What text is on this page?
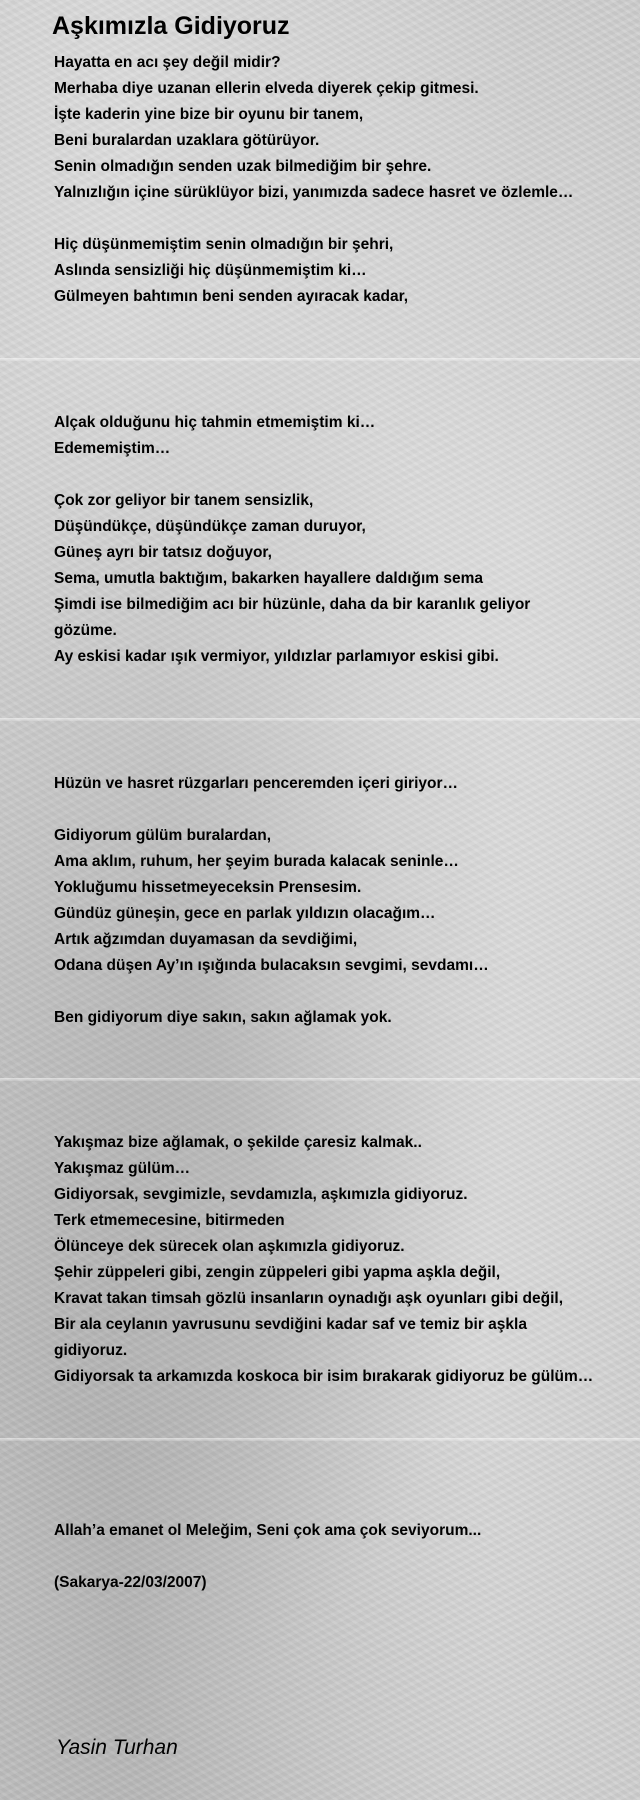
Aşkımızla Gidiyoruz
Hayatta en acı şey değil midir?
Merhaba diye uzanan ellerin elveda diyerek çekip gitmesi.
İşte kaderin yine bize bir oyunu bir tanem,
Beni buralardan uzaklara götürüyor.
Senin olmadığın senden uzak bilmediğim bir şehre.
Yalnızlığın içine sürüklüyor bizi, yanımızda sadece hasret ve özlemle…
Hiç düşünmemiştim senin olmadığın bir şehri,
Aslında sensizliği hiç düşünmemiştim ki…
Gülmeyen bahtımın beni senden ayıracak kadar,
Alçak olduğunu hiç tahmin etmemiştim ki…
Edememiştim…
Çok zor geliyor bir tanem sensizlik,
Düşündükçe, düşündükçe zaman duruyor,
Güneş ayrı bir tatsız doğuyor,
Sema, umutla baktığım, bakarken hayallere daldığım sema
Şimdi ise bilmediğim acı bir hüzünle, daha da bir karanlık geliyor
gözüme.
Ay eskisi kadar ışık vermiyor, yıldızlar parlamıyor eskisi gibi.
Hüzün ve hasret rüzgarları penceremden içeri giriyor…
Gidiyorum gülüm buralardan,
Ama aklım, ruhum, her şeyim burada kalacak seninle…
Yokluğumu hissetmeyeceksin Prensesim.
Gündüz güneşin, gece en parlak yıldızın olacağım…
Artık ağzımdan duyamasan da sevdiğimi,
Odana düşen Ay’ın ışığında bulacaksın sevgimi, sevdamı…
Ben gidiyorum diye sakın, sakın ağlamak yok.
Yakışmaz bize ağlamak, o şekilde çaresiz kalmak..
Yakışmaz gülüm…
Gidiyorsak, sevgimizle, sevdamızla, aşkımızla gidiyoruz.
Terk etmemecesine, bitirmeden
Ölünceye dek sürecek olan aşkımızla gidiyoruz.
Şehir züppeleri gibi, zengin züppeleri gibi yapma aşkla değil,
Kravat takan timsah gözlü insanların oynadığı aşk oyunları gibi değil,
Bir ala ceylanın yavrusunu sevdiğini kadar saf ve temiz bir aşkla
gidiyoruz.
Gidiyorsak ta arkamızda koskoca bir isim bırakarak gidiyoruz be gülüm…
Allah’a emanet ol Meleğim, Seni çok ama çok seviyorum...
(Sakarya-22/03/2007)
Yasin Turhan
